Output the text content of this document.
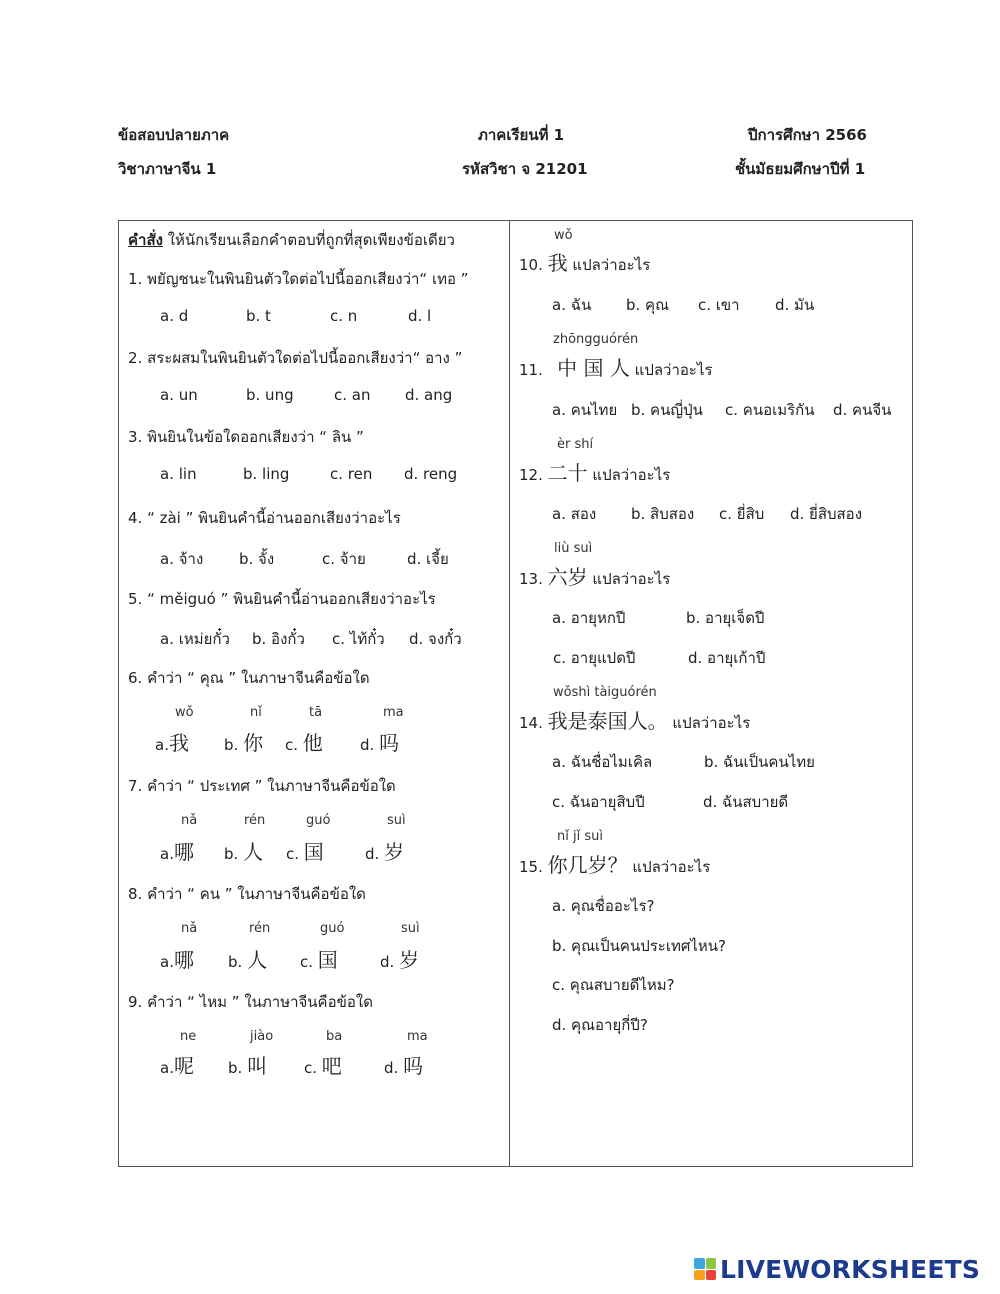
ข้อสอบปลายภาค	ภาคเรียนที่ 1	ปีการศึกษา 2566
วิชาภาษาจีน 1	รหัสวิชา จ 21201	ชั้นมัธยมศึกษาปีที่ 1
คำสั่ง ให้นักเรียนเลือกคำตอบที่ถูกที่สุดเพียงข้อเดียว
1. พยัญชนะในพินยินตัวใดต่อไปนี้ออกเสียงว่า“ เทอ ”
a. d	b. t	c. n	d. l
2. สระผสมในพินยินตัวใดต่อไปนี้ออกเสียงว่า“ อาง ”
a. un	b. ung	c. an d. ang
3. พินยินในข้อใดออกเสียงว่า “ ลิน ”
a. lin	b. ling	c. ren d. reng
4. “ zài ” พินยินคำนี้อ่านออกเสียงว่าอะไร
a. จ้าง b. จั้ง	c. จ้าย	d. เจี้ย
5. “ měiguó ” พินยินคำนี้อ่านออกเสียงว่าอะไร
a. เหม่ยกั๋ว b. อิงกั๋ว c. ไท้กั๋ว d. จงกั๋ว
6. คำว่า “ คุณ ” ในภาษาจีนคือข้อใด
wǒ	nǐ	tā	ma
a.我 b. 你 c. 他 d. 吗
7. คำว่า “ ประเทศ ” ในภาษาจีนคือข้อใด
nǎ	rén	guó	suì
a.哪 b. 人 c. 国	d. 岁
8. คำว่า “ คน ” ในภาษาจีนคือข้อใด
nǎ	rén	guó	suì
a.哪 b. 人 c. 国	d. 岁
9. คำว่า “ ไหม ” ในภาษาจีนคือข้อใด
ne	jiào	ba	ma
a.呢 b. 叫 c. 吧	d. 吗
wǒ
10. 我 แปลว่าอะไร
a. ฉัน b. คุณ c. เขา d. มัน
zhōngguórén
11. 中 国 人 แปลว่าอะไร
a. คนไทย b. คนญี่ปุ่น c. คนอเมริกัน d. คนจีน
èr shí
12. 二十 แปลว่าอะไร
a. สอง b. สิบสอง c. ยี่สิบ d. ยี่สิบสอง
liù suì
13. 六岁 แปลว่าอะไร
a. อายุหกปี	b. อายุเจ็ดปี
c. อายุแปดปี	d. อายุเก้าปี
wǒshì tàiguórén
14. 我是泰国人。 แปลว่าอะไร
a. ฉันชื่อไมเคิล	b. ฉันเป็นคนไทย
c. ฉันอายุสิบปี	d. ฉันสบายดี
nǐ jǐ suì
15. 你几岁？ แปลว่าอะไร
a. คุณชื่ออะไร?
b. คุณเป็นคนประเทศไหน?
c. คุณสบายดีไหม?
d. คุณอายุกี่ปี?
LIVEWORKSHEETS
